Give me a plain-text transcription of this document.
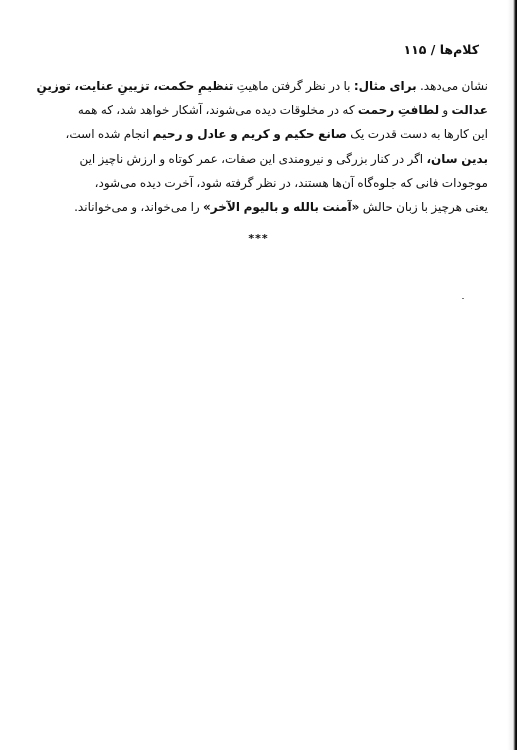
کلام‌ها / ۱۱۵
نشان می‌دهد. برای مثال: با در نظر گرفتن ماهیتِ تنظیمِ حکمت، تزیینِ عنایت، توزینِ
عدالت و لطافتِ رحمت که در مخلوقات دیده می‌شوند، آشکار خواهد شد، که همه
این کارها به دست قدرت یک صانع حکیم و کریم و عادل و رحیم انجام شده است،
بدین سان، اگر در کنار بزرگی و نیرومندی این صفات، عمر کوتاه و ارزش ناچیز این
موجودات فانی که جلوه‌گاه آن‌ها هستند، در نظر گرفته شود، آخرت دیده می‌شود،
یعنی هرچیز با زبان حالش «آمنت بالله و بالیوم الآخر» را می‌خواند، و می‌خواناند.
***
